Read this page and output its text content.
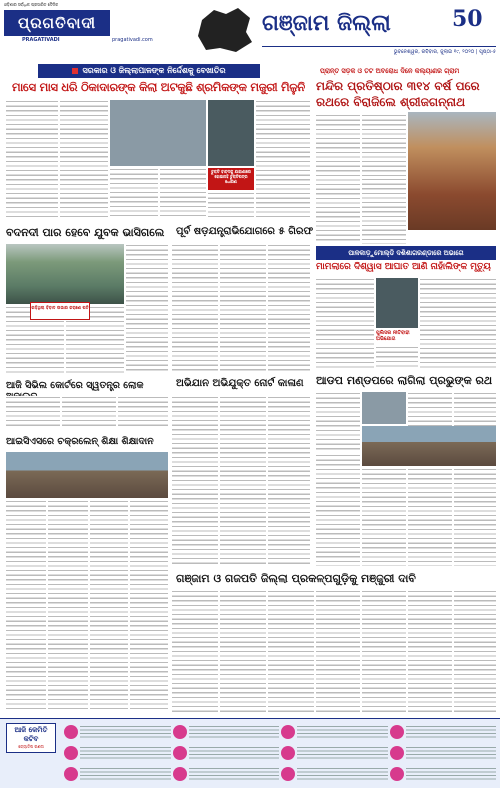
ଓଡ଼ିଶାର ସର୍ବାଧିକ ପ୍ରସାରିତ ଦୈନିକ
ପ୍ରଗତିବାଦୀ
PRAGATIVADI	pragativadi.com
ଗଞ୍ଜାମ ଜିଲ୍ଲା	50
ଭୁବନେଶ୍ୱର, ରବିବାର, ଜୁଲାଇ ୧୯, ୨୦୨୦ | ପୃଷ୍ଠା-୫
ସରକାର ଓ ଜିଲ୍ଲାପାଳଙ୍କ ନିର୍ଦ୍ଦେଶକୁ ବେଖାତିର	ପ୍ରାନ୍ତ ସଡ଼କ ଓ ତଟ ଅବରୋଧ ଦିନେ କଲ୍ୟାଣର ଗ୍ରାମ
ମାସେ ମାସ ଧରି ଠିକାଦାରଙ୍କ କିଲା ଅଟକୁଛି ଶ୍ରମିକଙ୍କ ମଜୁରୀ ମିଳୁନି ମନ୍ଦିର ପ୍ରତିଷ୍ଠାର ୩୧୪ ବର୍ଷ ପରେ ରଥରେ ବିରାଜିଲେ ଶ୍ରୀଜଗନ୍ନାଥ
ଚୁକ୍ତି ବାବଦକୁ ଯାହାଣାରେ ହୋଇନାହି ଚୁକ୍ତିପତ୍ର ଧୋରଣ
ବଦନଦୀ ପାର ହେବେ ଯୁବକ ଭାସିଗଲେ
ଗଡ଼ିଥିଲା ବିବାଦ ଉଭାର କରାଣେ ପତି
ପୂର୍ବ ଷଡ଼ଯନ୍ତ୍ରାଭିଯୋଗରେ ୫ ଗିରଫ
ପାଳକାଡ଼ୁମୋଲ୍ଡି ଦଶିଶାଗରଣ୍ଡାରେ ଅଭାଗେ
ମାମଲାରେ ଦିଶ୍ୱାସ ଆଘାତ ଆଣି ନାହାଁଲିଙ୍କ ମୃତ୍ୟୁ
ପୁଲିସର ନୀତିବାହୀ ଅଭିଯୋଗ
ଆଜି ସିଭିଲ କୋର୍ଟରେ ସ୍ୱତନ୍ତ୍ର ଲୋକ	ଅଭିଯାନ ଅଭିଯୁକ୍ତ ନୋର୍ଟ କାଳାଣ	ଆଡପ ମଣ୍ଡପରେ ଲାଗିଲା ପ୍ରଭୁଙ୍କ ରଥ
ଆଇସିଏସରେ ଚକ୍ରଲେନ୍ ଶିକ୍ଷା ଶିକ୍ଷାଦାନ
ଗଞ୍ଜାମ ଓ ଗଜପତି ଜିଲ୍ଲା ପ୍ରକଳ୍ପଗୁଡ଼ିକୁ ମଞ୍ଜୁରୀ ଦାବି
ଆଜି କେମିତି କଟିବ
ଜ୍ୟୋତିଷ ଗଣନା
